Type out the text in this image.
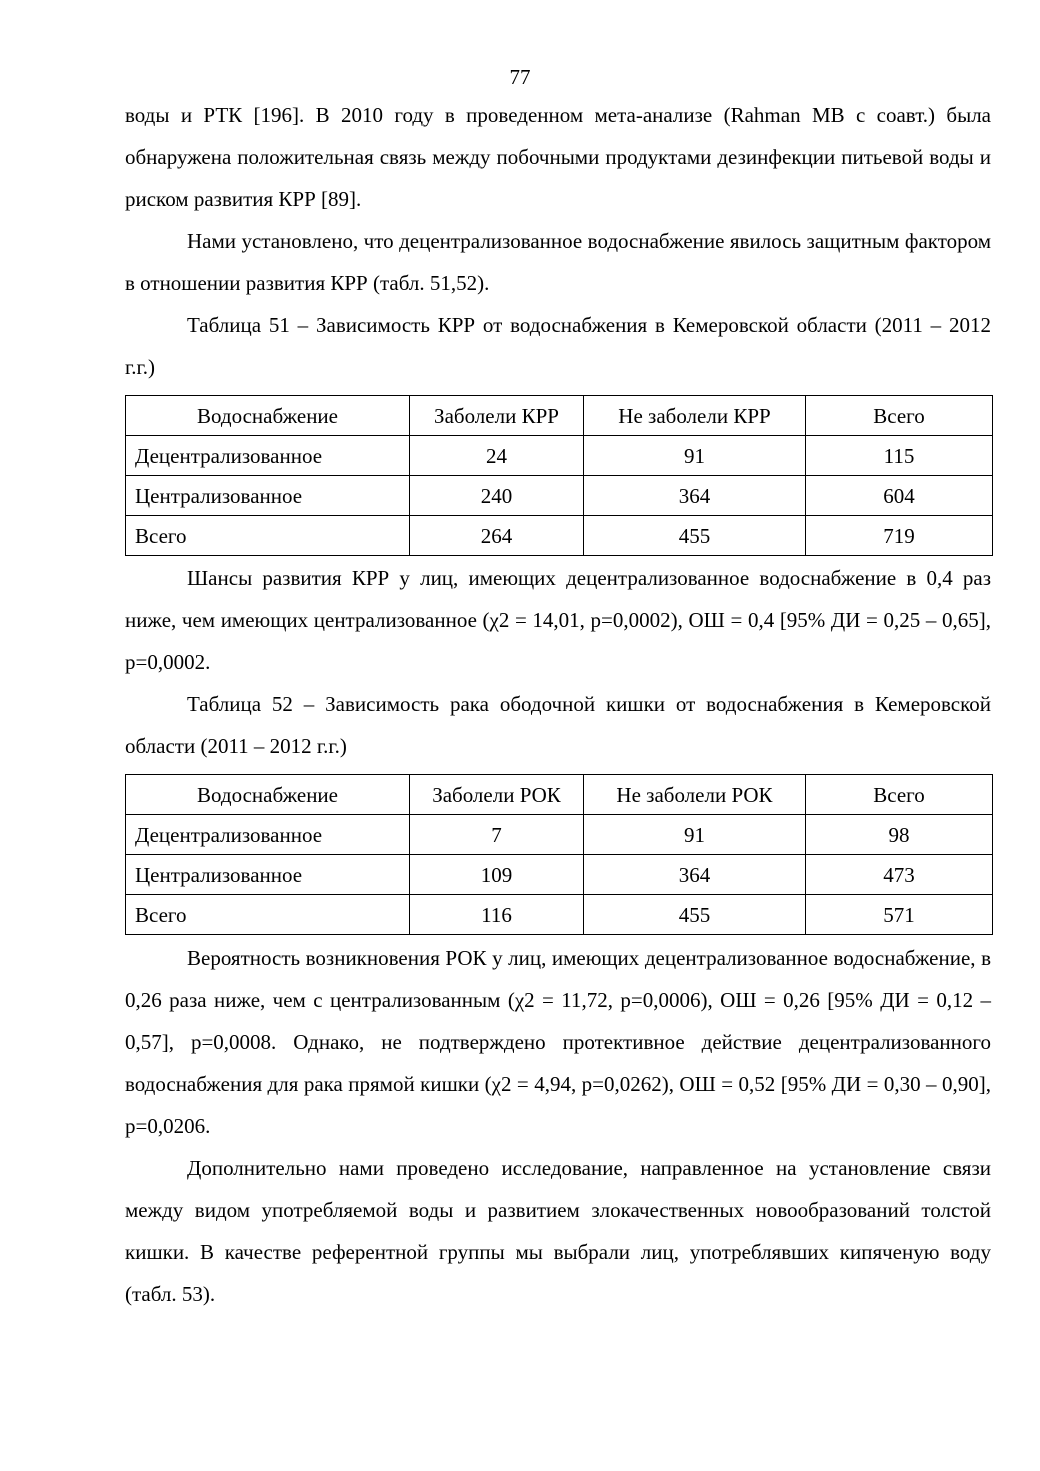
77

воды и РТК [196]. В 2010 году в проведенном мета-анализе (Rahman MB с соавт.) была обнаружена положительная связь между побочными продуктами дезинфекции питьевой воды и риском развития КРР [89].

Нами установлено, что децентрализованное водоснабжение явилось защитным фактором в отношении развития КРР (табл. 51,52).

Таблица 51 – Зависимость КРР от водоснабжения в Кемеровской области (2011 – 2012 г.г.)

Водоснабжение	Заболели КРР	Не заболели КРР	Всего
Децентрализованное	24	91	115
Централизованное	240	364	604
Всего	264	455	719

Шансы развития КРР у лиц, имеющих децентрализованное водоснабжение в 0,4 раз ниже, чем имеющих централизованное (χ2 = 14,01, p=0,0002), ОШ = 0,4 [95% ДИ = 0,25 – 0,65], p=0,0002.

Таблица 52 – Зависимость рака ободочной кишки от водоснабжения в Кемеровской области (2011 – 2012 г.г.)

Водоснабжение	Заболели РОК	Не заболели РОК	Всего
Децентрализованное	7	91	98
Централизованное	109	364	473
Всего	116	455	571

Вероятность возникновения РОК у лиц, имеющих децентрализованное водоснабжение, в 0,26 раза ниже, чем с централизованным (χ2 = 11,72, p=0,0006), ОШ = 0,26 [95% ДИ = 0,12 – 0,57], p=0,0008. Однако, не подтверждено протективное действие децентрализованного водоснабжения для рака прямой кишки (χ2 = 4,94, p=0,0262), ОШ = 0,52 [95% ДИ = 0,30 – 0,90], p=0,0206.

Дополнительно нами проведено исследование, направленное на установление связи между видом употребляемой воды и развитием злокачественных новообразований толстой кишки. В качестве референтной группы мы выбрали лиц, употреблявших кипяченую воду (табл. 53).
